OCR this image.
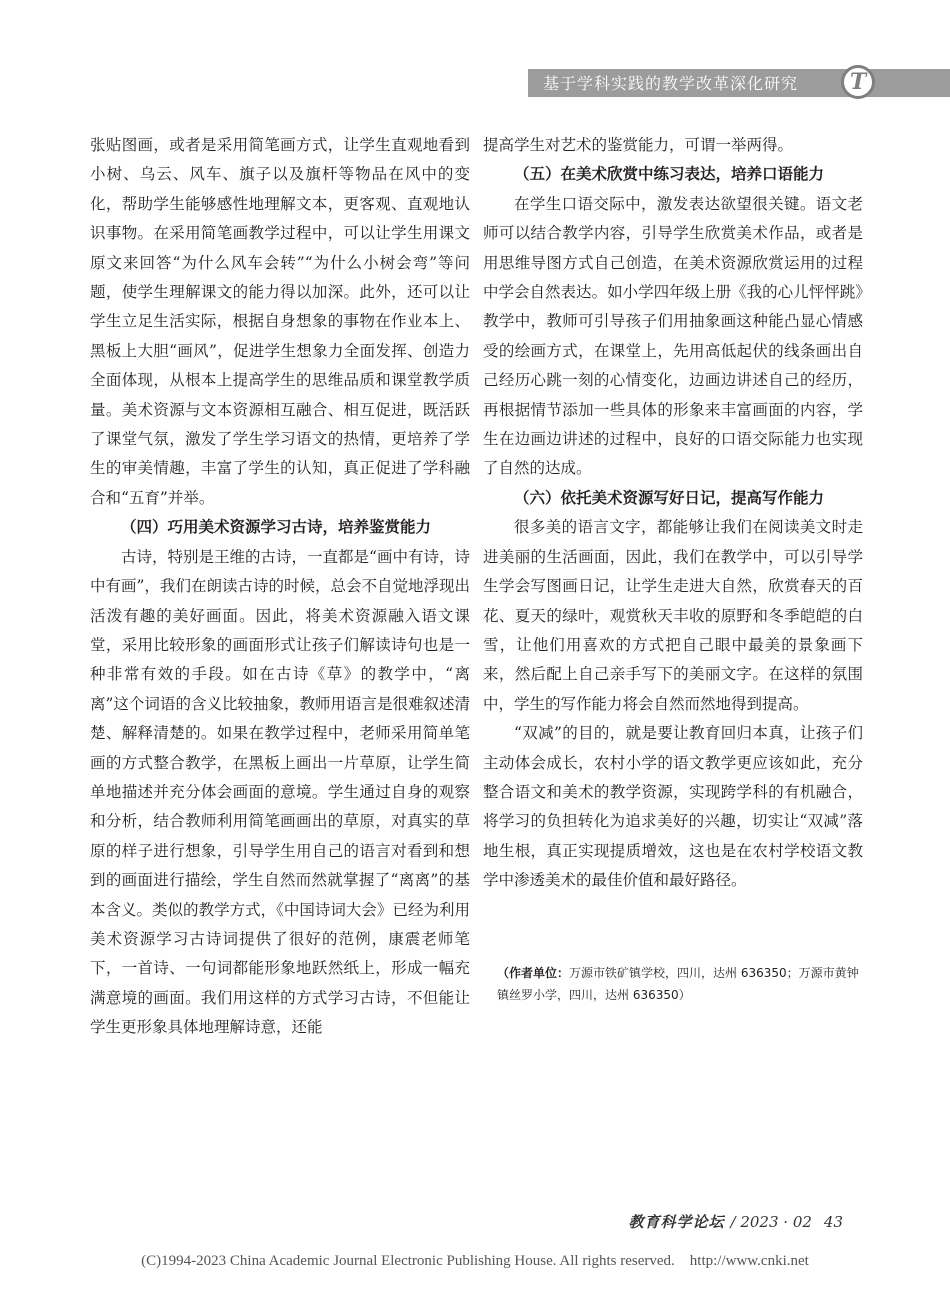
基于学科实践的教学改革深化研究	T

张贴图画，或者是采用简笔画方式，让学生直观地看到小树、乌云、风车、旗子以及旗杆等物品在风中的变化，帮助学生能够感性地理解文本，更客观、直观地认识事物。在采用简笔画教学过程中，可以让学生用课文原文来回答“为什么风车会转”“为什么小树会弯”等问题，使学生理解课文的能力得以加深。此外，还可以让学生立足生活实际，根据自身想象的事物在作业本上、黑板上大胆“画风”，促进学生想象力全面发挥、创造力全面体现，从根本上提高学生的思维品质和课堂教学质量。美术资源与文本资源相互融合、相互促进，既活跃了课堂气氛，激发了学生学习语文的热情，更培养了学生的审美情趣，丰富了学生的认知，真正促进了学科融合和“五育”并举。

（四）巧用美术资源学习古诗，培养鉴赏能力

古诗，特别是王维的古诗，一直都是“画中有诗，诗中有画”，我们在朗读古诗的时候，总会不自觉地浮现出活泼有趣的美好画面。因此，将美术资源融入语文课堂，采用比较形象的画面形式让孩子们解读诗句也是一种非常有效的手段。如在古诗《草》的教学中，“离离”这个词语的含义比较抽象，教师用语言是很难叙述清楚、解释清楚的。如果在教学过程中，老师采用简单笔画的方式整合教学，在黑板上画出一片草原，让学生简单地描述并充分体会画面的意境。学生通过自身的观察和分析，结合教师利用简笔画画出的草原，对真实的草原的样子进行想象，引导学生用自己的语言对看到和想到的画面进行描绘，学生自然而然就掌握了“离离”的基本含义。类似的教学方式，《中国诗词大会》已经为利用美术资源学习古诗词提供了很好的范例，康震老师笔下，一首诗、一句词都能形象地跃然纸上，形成一幅充满意境的画面。我们用这样的方式学习古诗，不但能让学生更形象具体地理解诗意，还能

提高学生对艺术的鉴赏能力，可谓一举两得。

（五）在美术欣赏中练习表达，培养口语能力

在学生口语交际中，激发表达欲望很关键。语文老师可以结合教学内容，引导学生欣赏美术作品，或者是用思维导图方式自己创造，在美术资源欣赏运用的过程中学会自然表达。如小学四年级上册《我的心儿怦怦跳》教学中，教师可引导孩子们用抽象画这种能凸显心情感受的绘画方式，在课堂上，先用高低起伏的线条画出自己经历心跳一刻的心情变化，边画边讲述自己的经历，再根据情节添加一些具体的形象来丰富画面的内容，学生在边画边讲述的过程中，良好的口语交际能力也实现了自然的达成。

（六）依托美术资源写好日记，提高写作能力

很多美的语言文字，都能够让我们在阅读美文时走进美丽的生活画面，因此，我们在教学中，可以引导学生学会写图画日记，让学生走进大自然，欣赏春天的百花、夏天的绿叶，观赏秋天丰收的原野和冬季皑皑的白雪，让他们用喜欢的方式把自己眼中最美的景象画下来，然后配上自己亲手写下的美丽文字。在这样的氛围中，学生的写作能力将会自然而然地得到提高。

“双减”的目的，就是要让教育回归本真，让孩子们主动体会成长，农村小学的语文教学更应该如此，充分整合语文和美术的教学资源，实现跨学科的有机融合，将学习的负担转化为追求美好的兴趣，切实让“双减”落地生根，真正实现提质增效，这也是在农村学校语文教学中渗透美术的最佳价值和最好路径。

（作者单位：万源市铁矿镇学校，四川，达州 636350；万源市黄钟镇丝罗小学，四川，达州 636350）
教育科学论坛 / 2023 · 02 43
(C)1994-2023 China Academic Journal Electronic Publishing House. All rights reserved.    http://www.cnki.net
